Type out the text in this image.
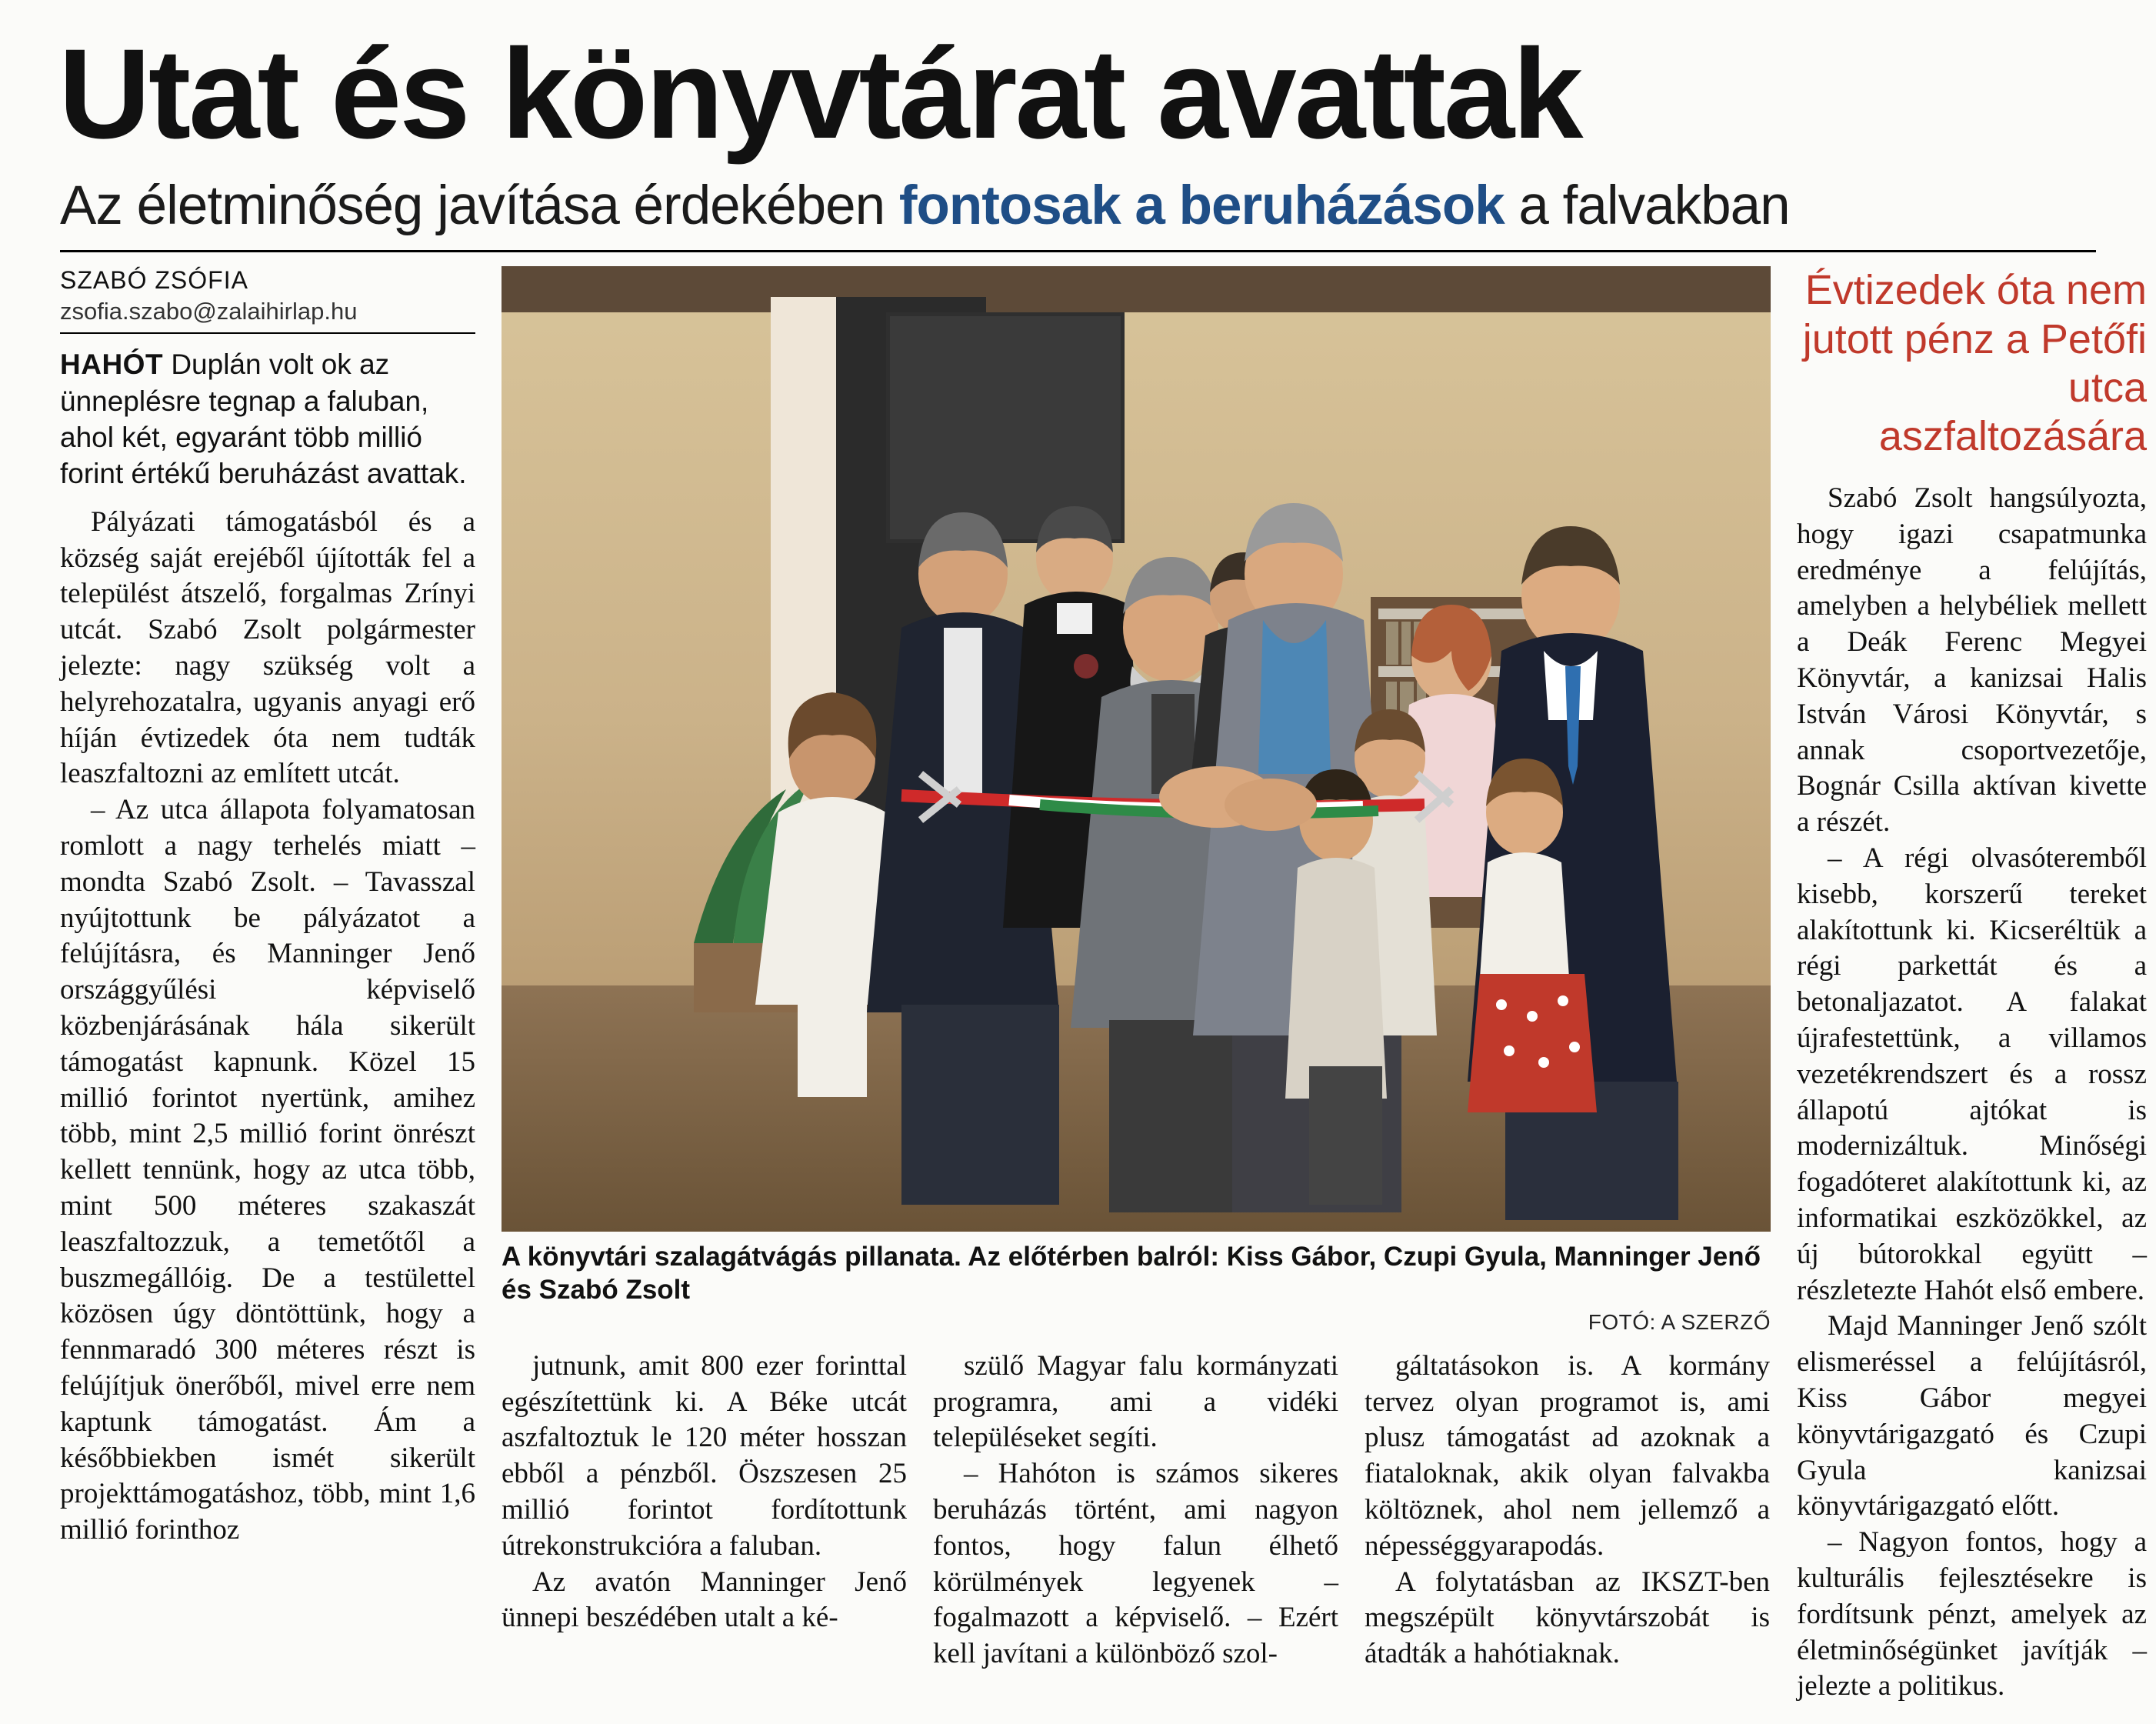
Utat és könyvtárat avattak
Az életminőség javítása érdekében fontosak a beruházások a falvakban
SZABÓ ZSÓFIA
zsofia.szabo@zalaihirlap.hu
HAHÓT Duplán volt ok az ünneplésre tegnap a faluban, ahol két, egyaránt több millió forint értékű beruházást avattak.

Pályázati támogatásból és a község saját erejéből újították fel a települést átszelő, forgalmas Zrínyi utcát. Szabó Zsolt polgármester jelezte: nagy szükség volt a helyrehozatalra, ugyanis anyagi erő híján évtizedek óta nem tudták leaszfaltozni az említett utcát.

– Az utca állapota folyamatosan romlott a nagy terhelés miatt – mondta Szabó Zsolt. – Tavasszal nyújtottunk be pályázatot a felújításra, és Manninger Jenő országgyűlési képviselő közbenjárásának hála sikerült támogatást kapnunk. Közel 15 millió forintot nyertünk, amihez több, mint 2,5 millió forint önrészt kellett tennünk, hogy az utca több, mint 500 méteres szakaszát leaszfaltozzuk, a temetőtől a buszmegállóig. De a testülettel közösen úgy döntöttünk, hogy a fennmaradó 300 méteres részt is felújítjuk önerőből, mivel erre nem kaptunk támogatást. Ám a későbbiekben ismét sikerült projekttámogatáshoz, több, mint 1,6 millió forinthoz

A könyvtári szalagátvágás pillanata. Az előtérben balról: Kiss Gábor, Czupi Gyula, Manninger Jenő és Szabó Zsolt
FOTÓ: A SZERZŐ

jutnunk, amit 800 ezer forinttal egészítettünk ki. A Béke utcát aszfaltoztuk le 120 méter hosszan ebből a pénzből. Öszszesen 25 millió forintot fordítottunk útrekonstrukcióra a faluban.

Az avatón Manninger Jenő ünnepi beszédében utalt a ké-

szülő Magyar falu kormányzati programra, ami a vidéki településeket segíti.

– Hahóton is számos sikeres beruházás történt, ami nagyon fontos, hogy falun élhető körülmények legyenek – fogalmazott a képviselő. – Ezért kell javítani a különböző szol-

gáltatásokon is. A kormány tervez olyan programot is, ami plusz támogatást ad azoknak a fiataloknak, akik olyan falvakba költöznek, ahol nem jellemző a népességgyarapodás.

A folytatásban az IKSZT-ben megszépült könyvtárszobát is átadták a hahótiaknak.

Évtizedek óta nem jutott pénz a Petőfi utca aszfaltozására

Szabó Zsolt hangsúlyozta, hogy igazi csapatmunka eredménye a felújítás, amelyben a helybéliek mellett a Deák Ferenc Megyei Könyvtár, a kanizsai Halis István Városi Könyvtár, s annak csoportvezetője, Bognár Csilla aktívan kivette a részét.

– A régi olvasóteremből kisebb, korszerű tereket alakítottunk ki. Kicseréltük a régi parkettát és a betonaljazatot. A falakat újrafestettünk, a villamos vezetékrendszert és a rossz állapotú ajtókat is modernizáltuk. Minőségi fogadóteret alakítottunk ki, az informatikai eszközökkel, az új bútorokkal együtt – részletezte Hahót első embere.

Majd Manninger Jenő szólt elismeréssel a felújításról, Kiss Gábor megyei könyvtárigazgató és Czupi Gyula kanizsai könyvtárigazgató előtt.

– Nagyon fontos, hogy a kulturális fejlesztésekre is fordítsunk pénzt, amelyek az életminőségünket javítják – jelezte a politikus.
